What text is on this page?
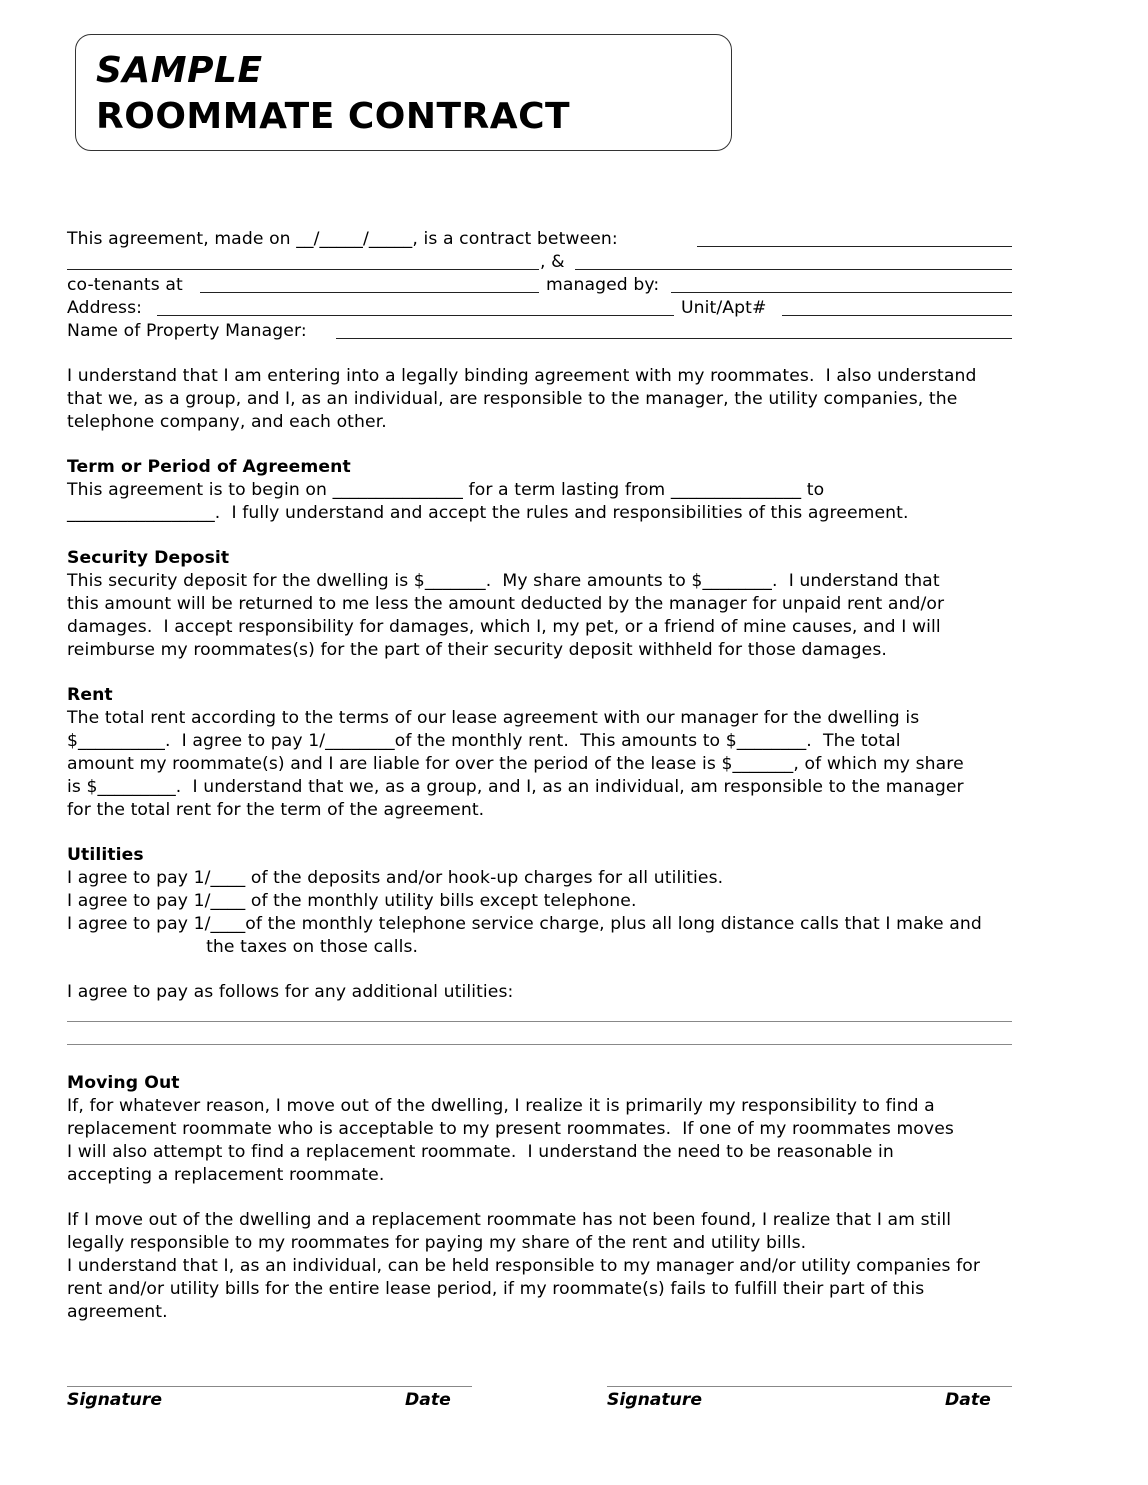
SAMPLE
ROOMMATE CONTRACT
This agreement, made on __/_____/_____, is a contract between:
, &
co-tenants at	managed by:
Address:	Unit/Apt#
Name of Property Manager:
I understand that I am entering into a legally binding agreement with my roommates.  I also understand
that we, as a group, and I, as an individual, are responsible to the manager, the utility companies, the
telephone company, and each other.
Term or Period of Agreement
This agreement is to begin on _______________ for a term lasting from _______________ to
_________________.  I fully understand and accept the rules and responsibilities of this agreement.
Security Deposit
This security deposit for the dwelling is $_______.  My share amounts to $________.  I understand that
this amount will be returned to me less the amount deducted by the manager for unpaid rent and/or
damages.  I accept responsibility for damages, which I, my pet, or a friend of mine causes, and I will
reimburse my roommates(s) for the part of their security deposit withheld for those damages.
Rent
The total rent according to the terms of our lease agreement with our manager for the dwelling is
$__________.  I agree to pay 1/________of the monthly rent.  This amounts to $________.  The total
amount my roommate(s) and I are liable for over the period of the lease is $_______, of which my share
is $_________.  I understand that we, as a group, and I, as an individual, am responsible to the manager
for the total rent for the term of the agreement.
Utilities
I agree to pay 1/____ of the deposits and/or hook-up charges for all utilities.
I agree to pay 1/____ of the monthly utility bills except telephone.
I agree to pay 1/____of the monthly telephone service charge, plus all long distance calls that I make and
the taxes on those calls.
I agree to pay as follows for any additional utilities:
Moving Out
If, for whatever reason, I move out of the dwelling, I realize it is primarily my responsibility to find a
replacement roommate who is acceptable to my present roommates.  If one of my roommates moves
I will also attempt to find a replacement roommate.  I understand the need to be reasonable in
accepting a replacement roommate.
If I move out of the dwelling and a replacement roommate has not been found, I realize that I am still
legally responsible to my roommates for paying my share of the rent and utility bills.
I understand that I, as an individual, can be held responsible to my manager and/or utility companies for
rent and/or utility bills for the entire lease period, if my roommate(s) fails to fulfill their part of this
agreement.
Signature	Date	Signature	Date
